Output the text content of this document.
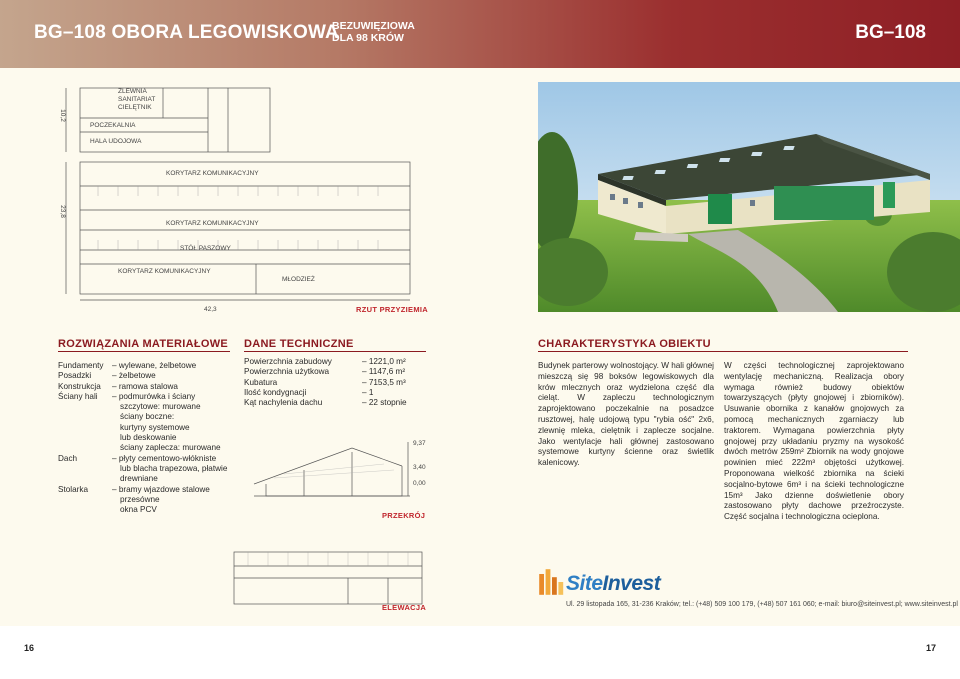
BG–108 OBORA LEGOWISKOWA
BEZUWIĘZIOWA
DLA 98 KRÓW	BG–108
ZLEWNIA
SANITARIAT
CIELĘTNIK
POCZEKALNIA
HALA UDOJOWA
KORYTARZ KOMUNIKACYJNY
KORYTARZ KOMUNIKACYJNY
STÓŁ PASZOWY
KORYTARZ KOMUNIKACYJNY
MŁODZIEŻ
10,2
23,8
42,3	RZUT PRZYZIEMIA
ROZWIĄZANIA MATERIAŁOWE DANE TECHNICZNE	CHARAKTERYSTYKA OBIEKTU
Fundamenty	– wylewane, żelbetowe
Posadzki	– żelbetowe
Konstrukcja	– ramowa stalowa
Ściany hali	– podmurówka i ściany
szczytowe: murowane
ściany boczne:
kurtyny systemowe
lub deskowanie
ściany zaplecza: murowane
Dach	– płyty cementowo-włókniste
lub blacha trapezowa, płatwie
drewniane
Stolarka	– bramy wjazdowe stalowe
przesówne
okna PCV
Powierzchnia zabudowy	– 1221,0 m²
Powierzchnia użytkowa	– 1147,6 m²
Kubatura	– 7153,5 m³
Ilość kondygnacji	– 1
Kąt nachylenia dachu	– 22 stopnie
9,37
3,40
0,00
PRZEKRÓJ
ELEWACJA
Budynek parterowy wolnostojący. W hali głównej mieszczą się 98 boksów legowiskowych dla krów mlecznych oraz wydzielona część dla cieląt. W zapleczu technologicznym zaprojektowano poczekalnie na posadzce rusztowej, halę udojową typu "rybia ość" 2x6, zlewnię mleka, cielętnik i zaplecze socjalne. Jako wentylacje hali głównej zastosowano systemowe kurtyny ścienne oraz świetlik kalenicowy.
W części technologicznej zaprojektowano wentylację mechaniczną. Realizacja obory wymaga również budowy obiektów towarzyszących (płyty gnojowej i zbiorników). Usuwanie obornika z kanałów gnojowych za pomocą mechanicznych zgarniaczy lub traktorem. Wymagana powierzchnia płyty gnojowej przy układaniu pryzmy na wysokość dwóch metrów 259m² Zbiornik na wody gnojowe powinien mieć 222m³ objętości użytkowej. Proponowana wielkość zbiornika na ścieki socjalno-bytowe 6m³ i na ścieki technologiczne 15m³ Jako dzienne doświetlenie obory zastosowano płyty dachowe przeźroczyste. Część socjalna i technologiczna ocieplona.
SiteInvest
Ul. 29 listopada 165, 31-236 Kraków; tel.: (+48) 509 100 179, (+48) 507 161 060; e-mail: biuro@siteinvest.pl; www.siteinvest.pl
16	17
